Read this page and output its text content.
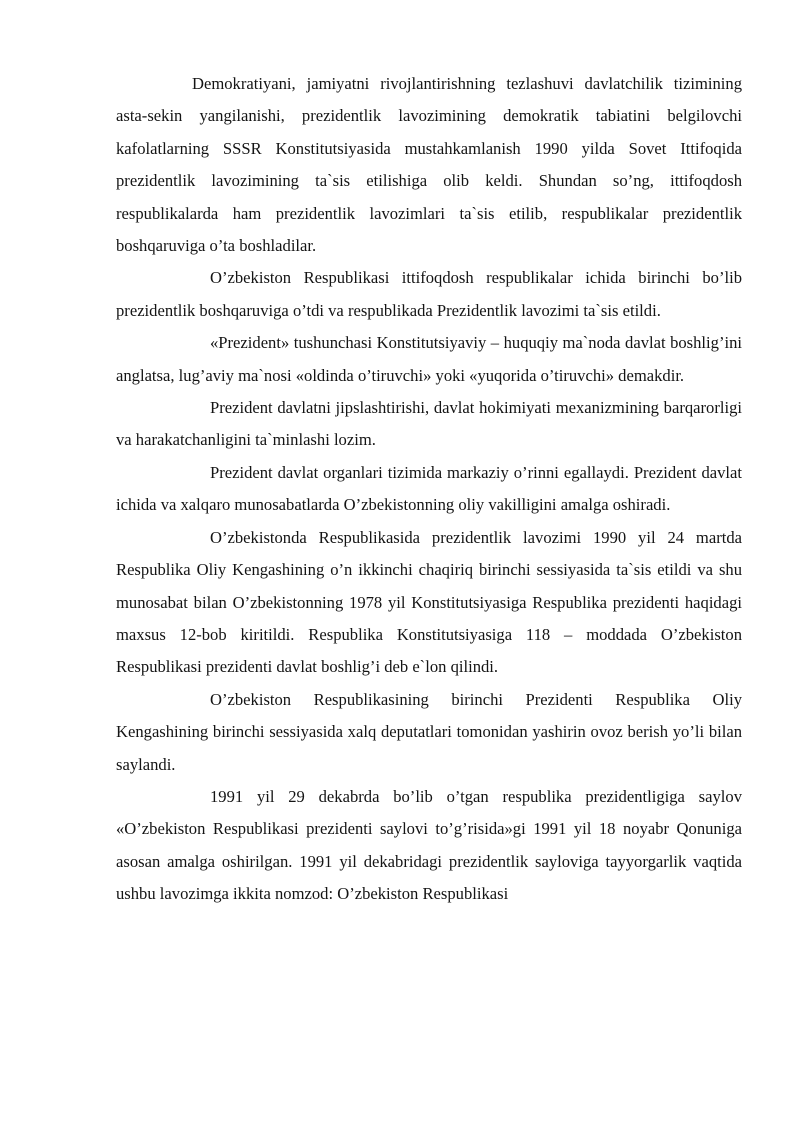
Demokratiyani, jamiyatni rivojlantirishning tezlashuvi davlatchilik tizimining asta-sekin yangilanishi, prezidentlik lavozimining demokratik tabiatini belgilovchi kafolatlarning SSSR Konstitutsiyasida mustahkamlanish 1990 yilda Sovet Ittifoqida prezidentlik lavozimining ta`sis etilishiga olib keldi. Shundan so’ng, ittifoqdosh respublikalarda ham prezidentlik lavozimlari ta`sis etilib, respublikalar prezidentlik boshqaruviga o’ta boshladilar.

O’zbekiston Respublikasi ittifoqdosh respublikalar ichida birinchi bo’lib prezidentlik boshqaruviga o’tdi va respublikada Prezidentlik lavozimi ta`sis etildi.

«Prezident» tushunchasi Konstitutsiyaviy – huquqiy ma`noda davlat boshlig’ini anglatsa, lug’aviy ma`nosi «oldinda o’tiruvchi» yoki «yuqorida o’tiruvchi» demakdir.

Prezident davlatni jipslashtirishi, davlat hokimiyati mexanizmining barqarorligi va harakatchanligini ta`minlashi lozim.

Prezident davlat organlari tizimida markaziy o’rinni egallaydi. Prezident davlat ichida va xalqaro munosabatlarda O’zbekistonning oliy vakilligini amalga oshiradi.

O’zbekistonda Respublikasida prezidentlik lavozimi 1990 yil 24 martda Respublika Oliy Kengashining o’n ikkinchi chaqiriq birinchi sessiyasida ta`sis etildi va shu munosabat bilan O’zbekistonning 1978 yil Konstitutsiyasiga Respublika prezidenti haqidagi maxsus 12-bob kiritildi. Respublika Konstitutsiyasiga 118 – moddada O’zbekiston Respublikasi prezidenti davlat boshlig’i deb e`lon qilindi.

O’zbekiston Respublikasining birinchi Prezidenti Respublika Oliy Kengashining birinchi sessiyasida xalq deputatlari tomonidan yashirin ovoz berish yo’li bilan saylandi.

1991 yil 29 dekabrda bo’lib o’tgan respublika prezidentligiga saylov «O’zbekiston Respublikasi prezidenti saylovi to’g’risida»gi 1991 yil 18 noyabr Qonuniga asosan amalga oshirilgan. 1991 yil dekabridagi prezidentlik sayloviga tayyorgarlik vaqtida ushbu lavozimga ikkita nomzod: O’zbekiston Respublikasi
